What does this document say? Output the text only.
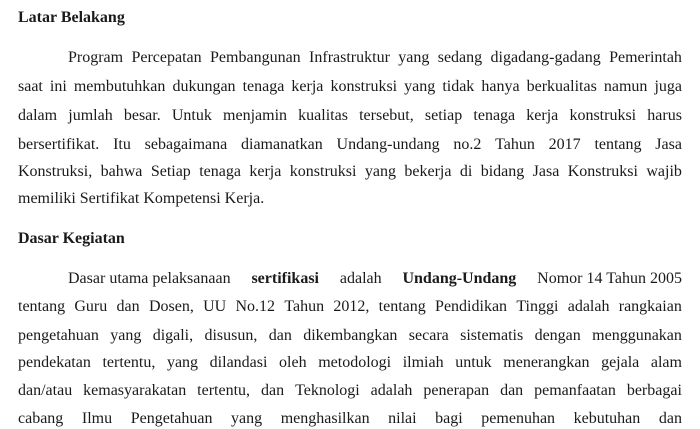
Latar Belakang
Program Percepatan Pembangunan Infrastruktur yang sedang digadang-gadang Pemerintah
saat ini membutuhkan dukungan tenaga kerja konstruksi yang tidak hanya berkualitas namun juga
dalam jumlah besar. Untuk menjamin kualitas tersebut, setiap tenaga kerja konstruksi harus
bersertifikat. Itu sebagaimana diamanatkan Undang-undang no.2 Tahun 2017 tentang Jasa
Konstruksi, bahwa Setiap tenaga kerja konstruksi yang bekerja di bidang Jasa Konstruksi wajib
memiliki Sertifikat Kompetensi Kerja.
Dasar Kegiatan
Dasar utama pelaksanaan sertifikasi adalah Undang-Undang Nomor 14 Tahun 2005
tentang Guru dan Dosen, UU No.12 Tahun 2012, tentang Pendidikan Tinggi adalah rangkaian
pengetahuan yang digali, disusun, dan dikembangkan secara sistematis dengan menggunakan
pendekatan tertentu, yang dilandasi oleh metodologi ilmiah untuk menerangkan gejala alam
dan/atau kemasyarakatan tertentu, dan Teknologi adalah penerapan dan pemanfaatan berbagai
cabang Ilmu Pengetahuan yang menghasilkan nilai bagi pemenuhan kebutuhan dan
